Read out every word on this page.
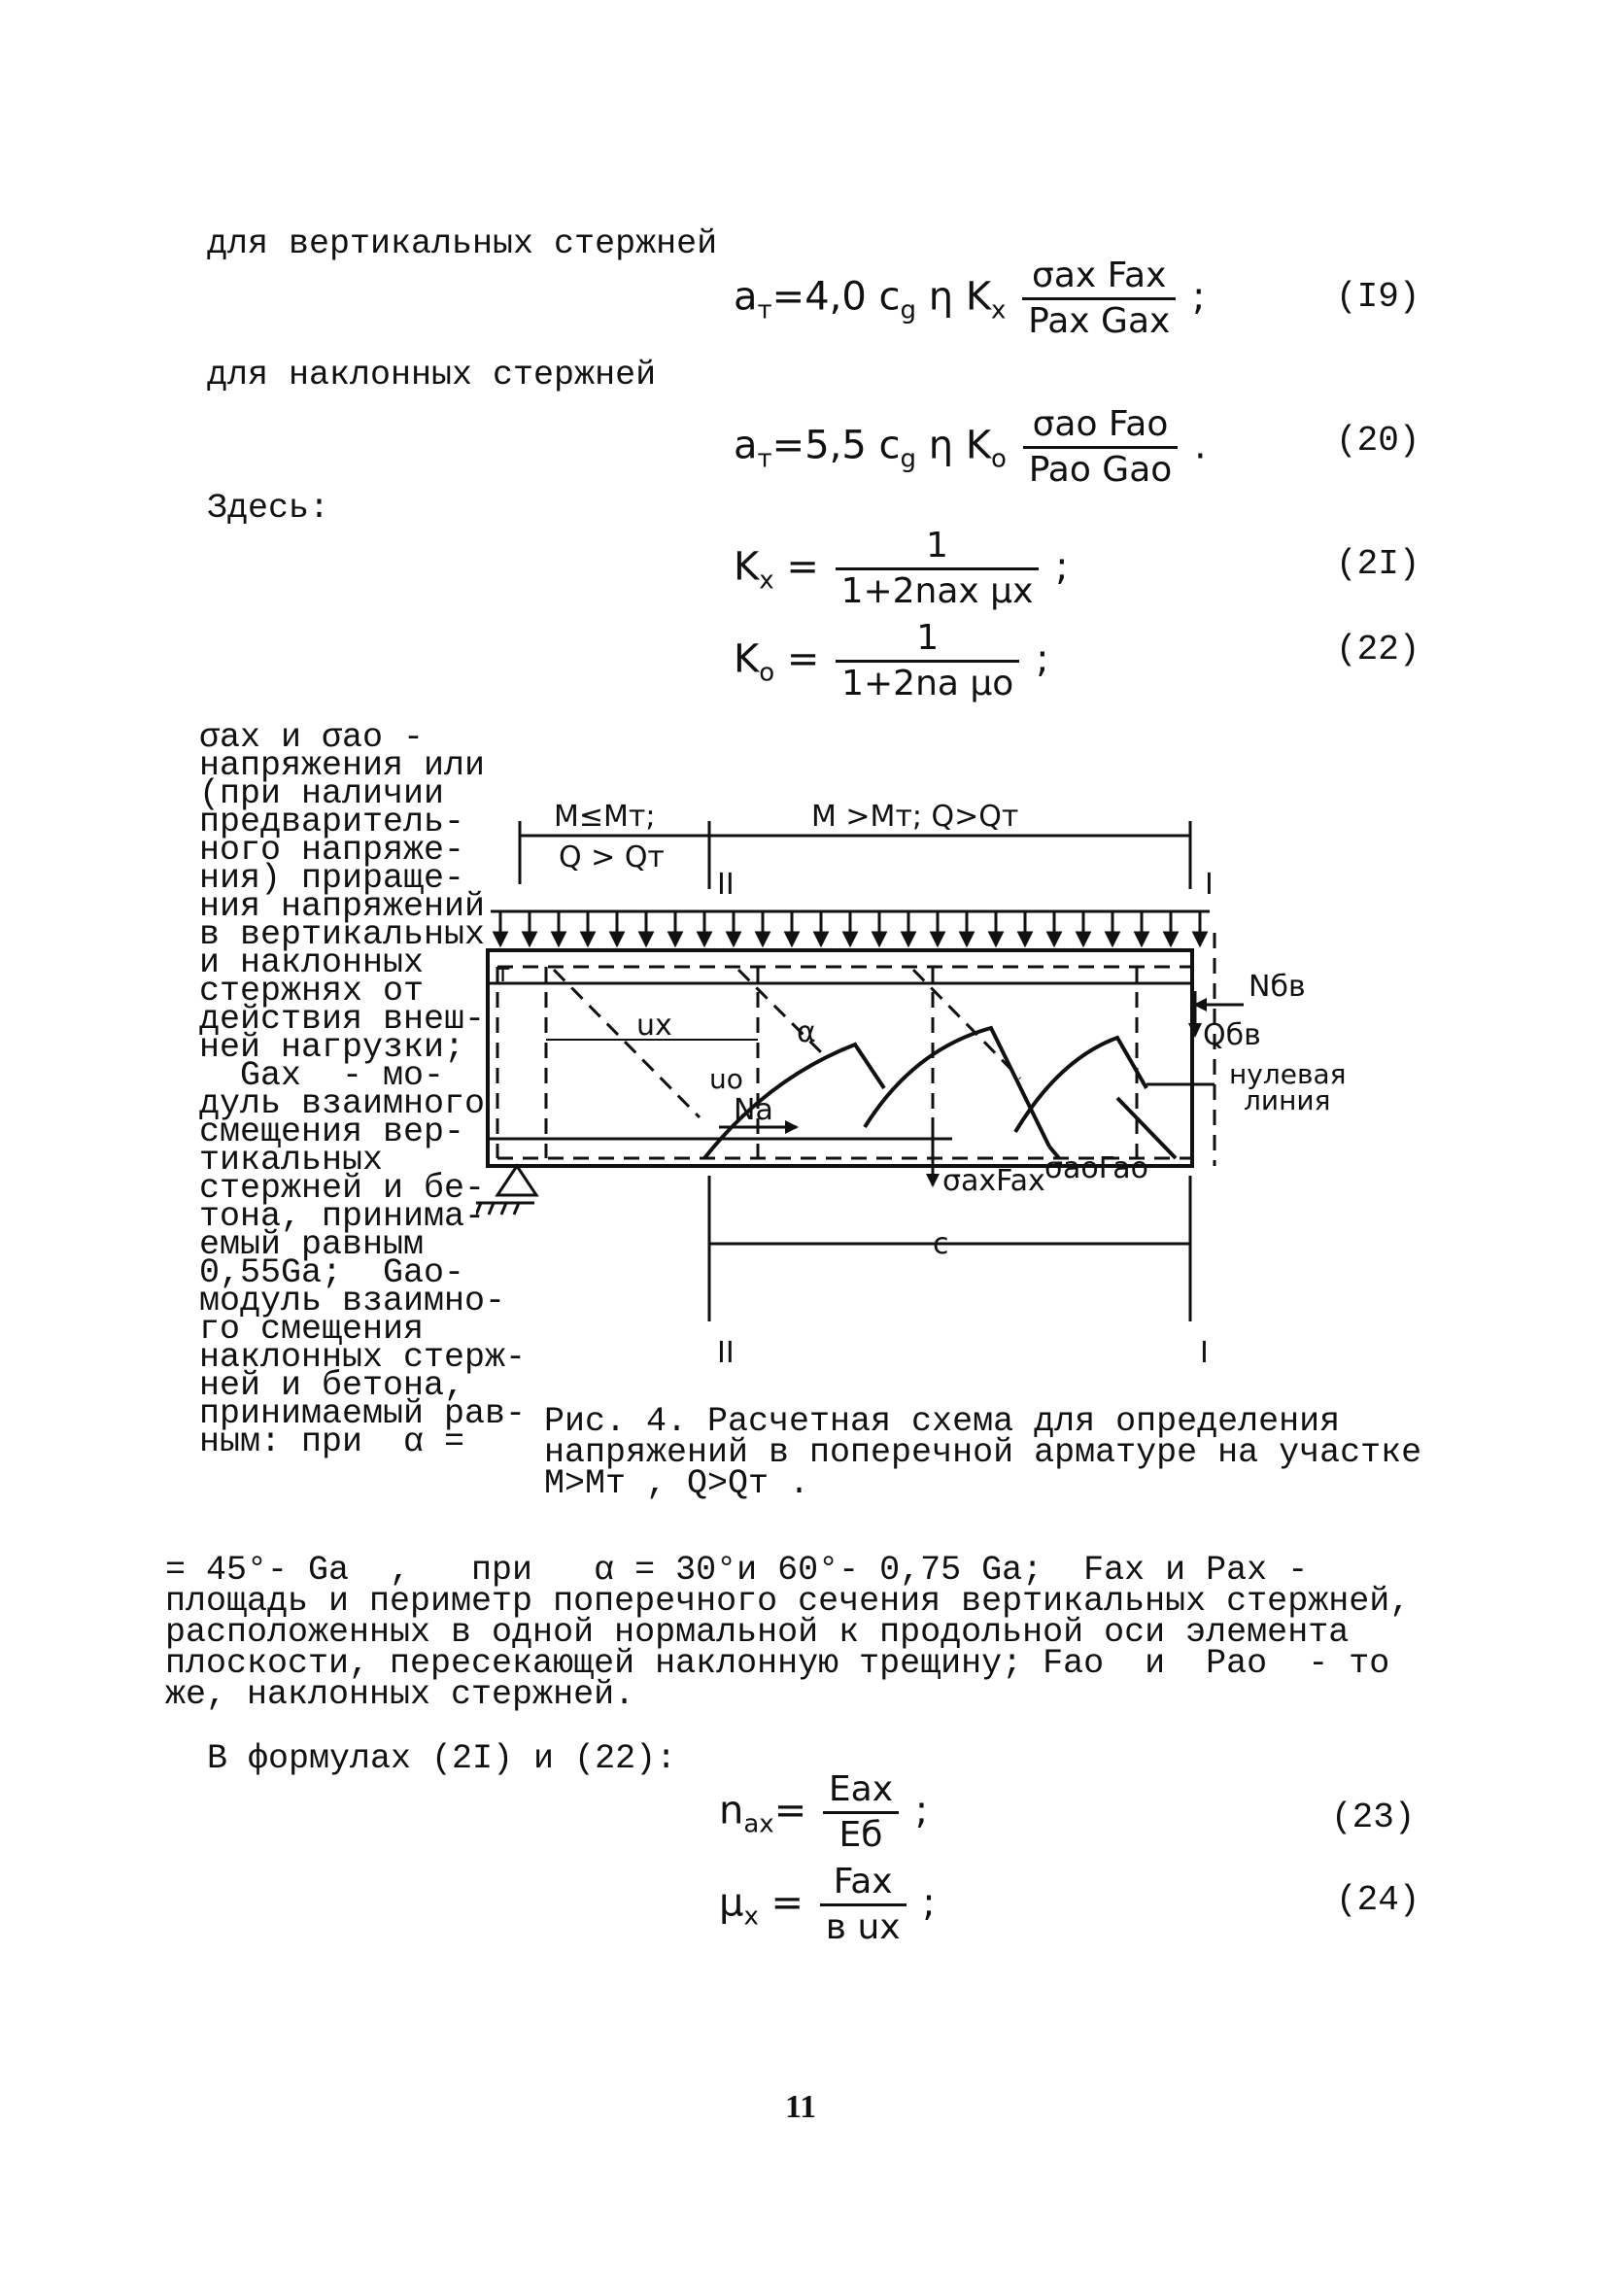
для вертикальных стержней
$a_т=4,0$ $c_g$ η $K_x \frac{\text{σax Fax}}{\text{Pax Gax}}$ ;	(I9)
для наклонных стержней
$a_т=5,5$ $c_g$ η $K_o \frac{\text{σao Fao}}{\text{Pao Gao}}$ .	(20)
Здесь:
$K_x = \frac{1}{\text{1+2nax μx}}$ ;	(2I)
$K_o = \frac{1}{\text{1+2na μo}}$ ;	(22)
σax и σao -
напряжения или
(при наличии
предваритель-
ного напряже-
ния) прираще-
ния напряжений
в вертикальных
и наклонных
стержнях от
действия внеш-
ней нагрузки;
Gax  - мо-
дуль взаимного
смещения вер-
тикальных
стержней и бе-
тона, принима-
емый равным
0,55Ga;  Gao-
модуль взаимно-
го смещения
наклонных стерж-
ней и бетона,
принимаемый рав-
ным: при  α =
M≤Mт;
Q > Qт
M >Mт; Q>Qт
II	I
т	Nбв
Qбв
нулевая
линия
ux
uo
α
Na
σaxFax σaoFao
c
II	I
Рис. 4. Расчетная схема для определения
напряжений в поперечной арматуре на участке
M>Mт , Q>Qт .
= 45°- Ga  ,   при   α = 30°и 60°- 0,75 Ga;  Fax и Pax -
площадь и периметр поперечного сечения вертикальных стержней,
расположенных в одной нормальной к продольной оси элемента
плоскости, пересекающей наклонную трещину; Fao  и  Pao  - то
же, наклонных стержней.
В формулах (2I) и (22):
$n_{ax}= \frac{\text{Eax}}{Eб}$ ;	(23)
$\mu_x = \frac{\text{Fax}}{\text{в ux}}$ ;	(24)
11
